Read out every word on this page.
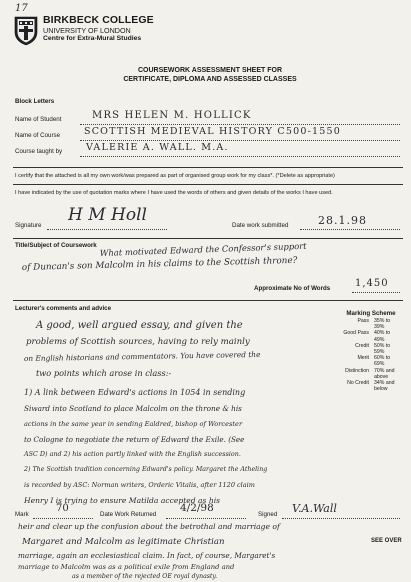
17
BIRKBECK COLLEGE
UNIVERSITY OF LONDON
Centre for Extra-Mural Studies
COURSEWORK ASSESSMENT SHEET FOR
CERTIFICATE, DIPLOMA AND ASSESSED CLASSES
Block Letters
Name of Student	MRS HELEN M. HOLLICK
Name of Course	SCOTTISH MEDIEVAL HISTORY C500-1550
Course taught by	VALERIE A. WALL. M.A.
I certify that the attached is all my own work/was prepared as part of organised group work for my class*. (*Delete as appropriate)
I have indicated by the use of quotation marks where I have used the words of others and given details of the works I have used.
Signature
H M Holl
Date work submitted	28.1.98
Title/Subject of Coursework What motivated Edward the Confessor's support
of Duncan's son Malcolm in his claims to the Scottish throne?
Approximate No of Words 1,450
Lecturer's comments and advice
Marking Scheme
Pass 35% to 39%
Good Pass 40% to 49%
Credit 50% to 59%
Merit 60% to 69%
Distinction 70% and above
No Credit 34% and below
A good, well argued essay, and given the
problems of Scottish sources, having to rely mainly
on English historians and commentators. You have covered the
two points which arose in class:-
1) A link between Edward's actions in 1054 in sending
Siward into Scotland to place Malcolm on the throne & his
actions in the same year in sending Ealdred, bishop of Worcester
to Cologne to negotiate the return of Edward the Exile. (See
ASC D) and 2) his action partly linked with the English succession.
2) The Scottish tradition concerning Edward's policy. Margaret the Atheling
is recorded by ASC: Norman writers, Orderic Vitalis, after 1120 claim
Henry I is trying to ensure Matilda accepted as his
Mark
70
Date Work Returned
4/2/98
Signed V.A.Wall
heir and clear up the confusion about the betrothal and marriage of
Margaret and Malcolm as legitimate Christian	SEE OVER
marriage, again an ecclesiastical claim. In fact, of course, Margaret's
marriage to Malcolm was as a political exile from England and
as a member of the rejected OE royal dynasty.
